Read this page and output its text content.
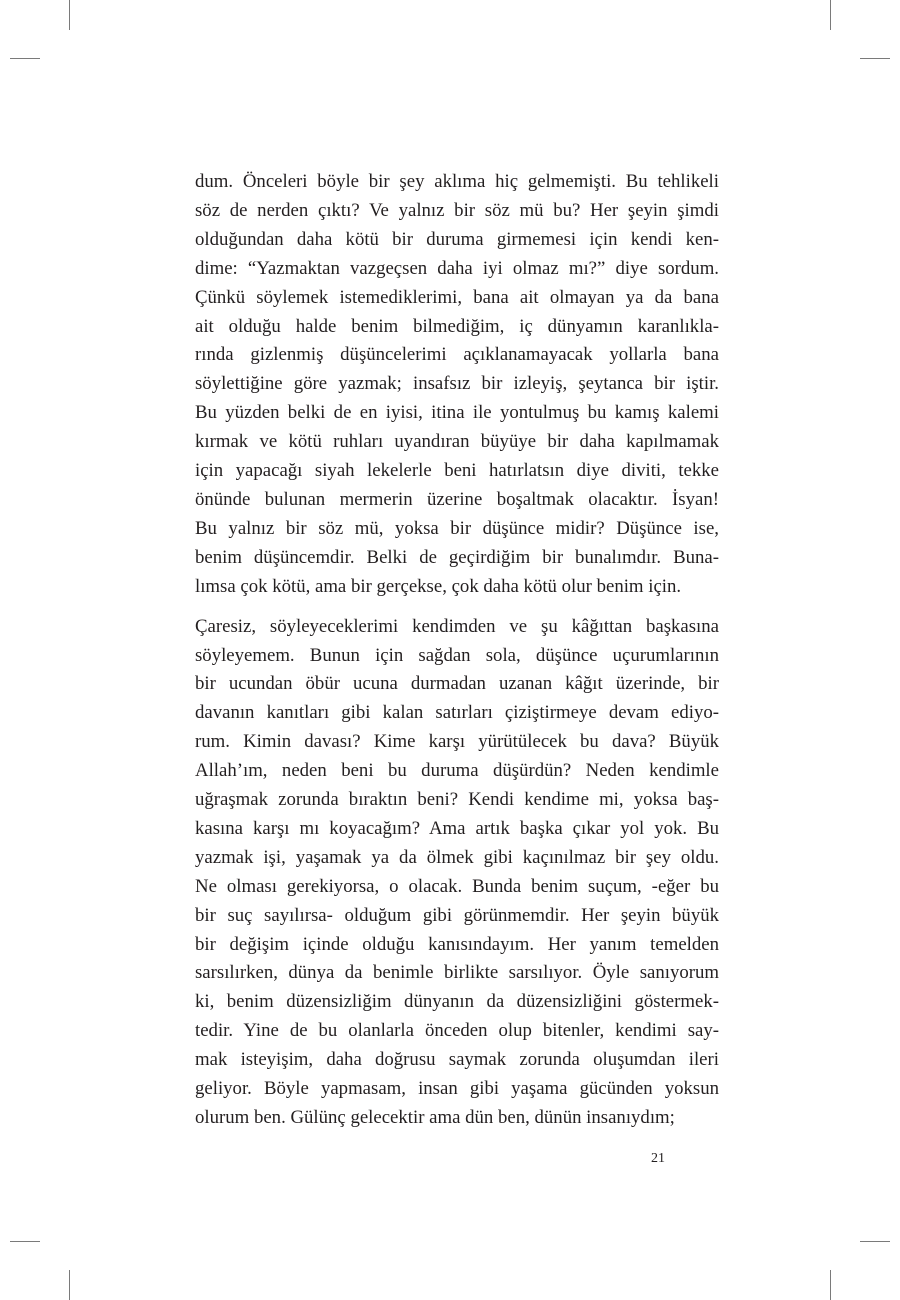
dum. Önceleri böyle bir şey aklıma hiç gelmemişti. Bu tehlikeli
söz de nerden çıktı? Ve yalnız bir söz mü bu? Her şeyin şimdi
olduğundan daha kötü bir duruma girmemesi için kendi ken-
dime: “Yazmaktan vazgeçsen daha iyi olmaz mı?” diye sordum.
Çünkü söylemek istemediklerimi, bana ait olmayan ya da bana
ait olduğu halde benim bilmediğim, iç dünyamın karanlıkla-
rında gizlenmiş düşüncelerimi açıklanamayacak yollarla bana
söylettiğine göre yazmak; insafsız bir izleyiş, şeytanca bir iştir.
Bu yüzden belki de en iyisi, itina ile yontulmuş bu kamış kalemi
kırmak ve kötü ruhları uyandıran büyüye bir daha kapılmamak
için yapacağı siyah lekelerle beni hatırlatsın diye diviti, tekke
önünde bulunan mermerin üzerine boşaltmak olacaktır. İsyan!
Bu yalnız bir söz mü, yoksa bir düşünce midir? Düşünce ise,
benim düşüncemdir. Belki de geçirdiğim bir bunalımdır. Buna-
lımsa çok kötü, ama bir gerçekse, çok daha kötü olur benim için.
Çaresiz, söyleyeceklerimi kendimden ve şu kâğıttan başkasına
söyleyemem. Bunun için sağdan sola, düşünce uçurumlarının
bir ucundan öbür ucuna durmadan uzanan kâğıt üzerinde, bir
davanın kanıtları gibi kalan satırları çiziştirmeye devam ediyo-
rum. Kimin davası? Kime karşı yürütülecek bu dava? Büyük
Allah’ım, neden beni bu duruma düşürdün? Neden kendimle
uğraşmak zorunda bıraktın beni? Kendi kendime mi, yoksa baş-
kasına karşı mı koyacağım? Ama artık başka çıkar yol yok. Bu
yazmak işi, yaşamak ya da ölmek gibi kaçınılmaz bir şey oldu.
Ne olması gerekiyorsa, o olacak. Bunda benim suçum, -eğer bu
bir suç sayılırsa- olduğum gibi görünmemdir. Her şeyin büyük
bir değişim içinde olduğu kanısındayım. Her yanım temelden
sarsılırken, dünya da benimle birlikte sarsılıyor. Öyle sanıyorum
ki, benim düzensizliğim dünyanın da düzensizliğini göstermek-
tedir. Yine de bu olanlarla önceden olup bitenler, kendimi say-
mak isteyişim, daha doğrusu saymak zorunda oluşumdan ileri
geliyor. Böyle yapmasam, insan gibi yaşama gücünden yoksun
olurum ben. Gülünç gelecektir ama dün ben, dünün insanıydım;
21
